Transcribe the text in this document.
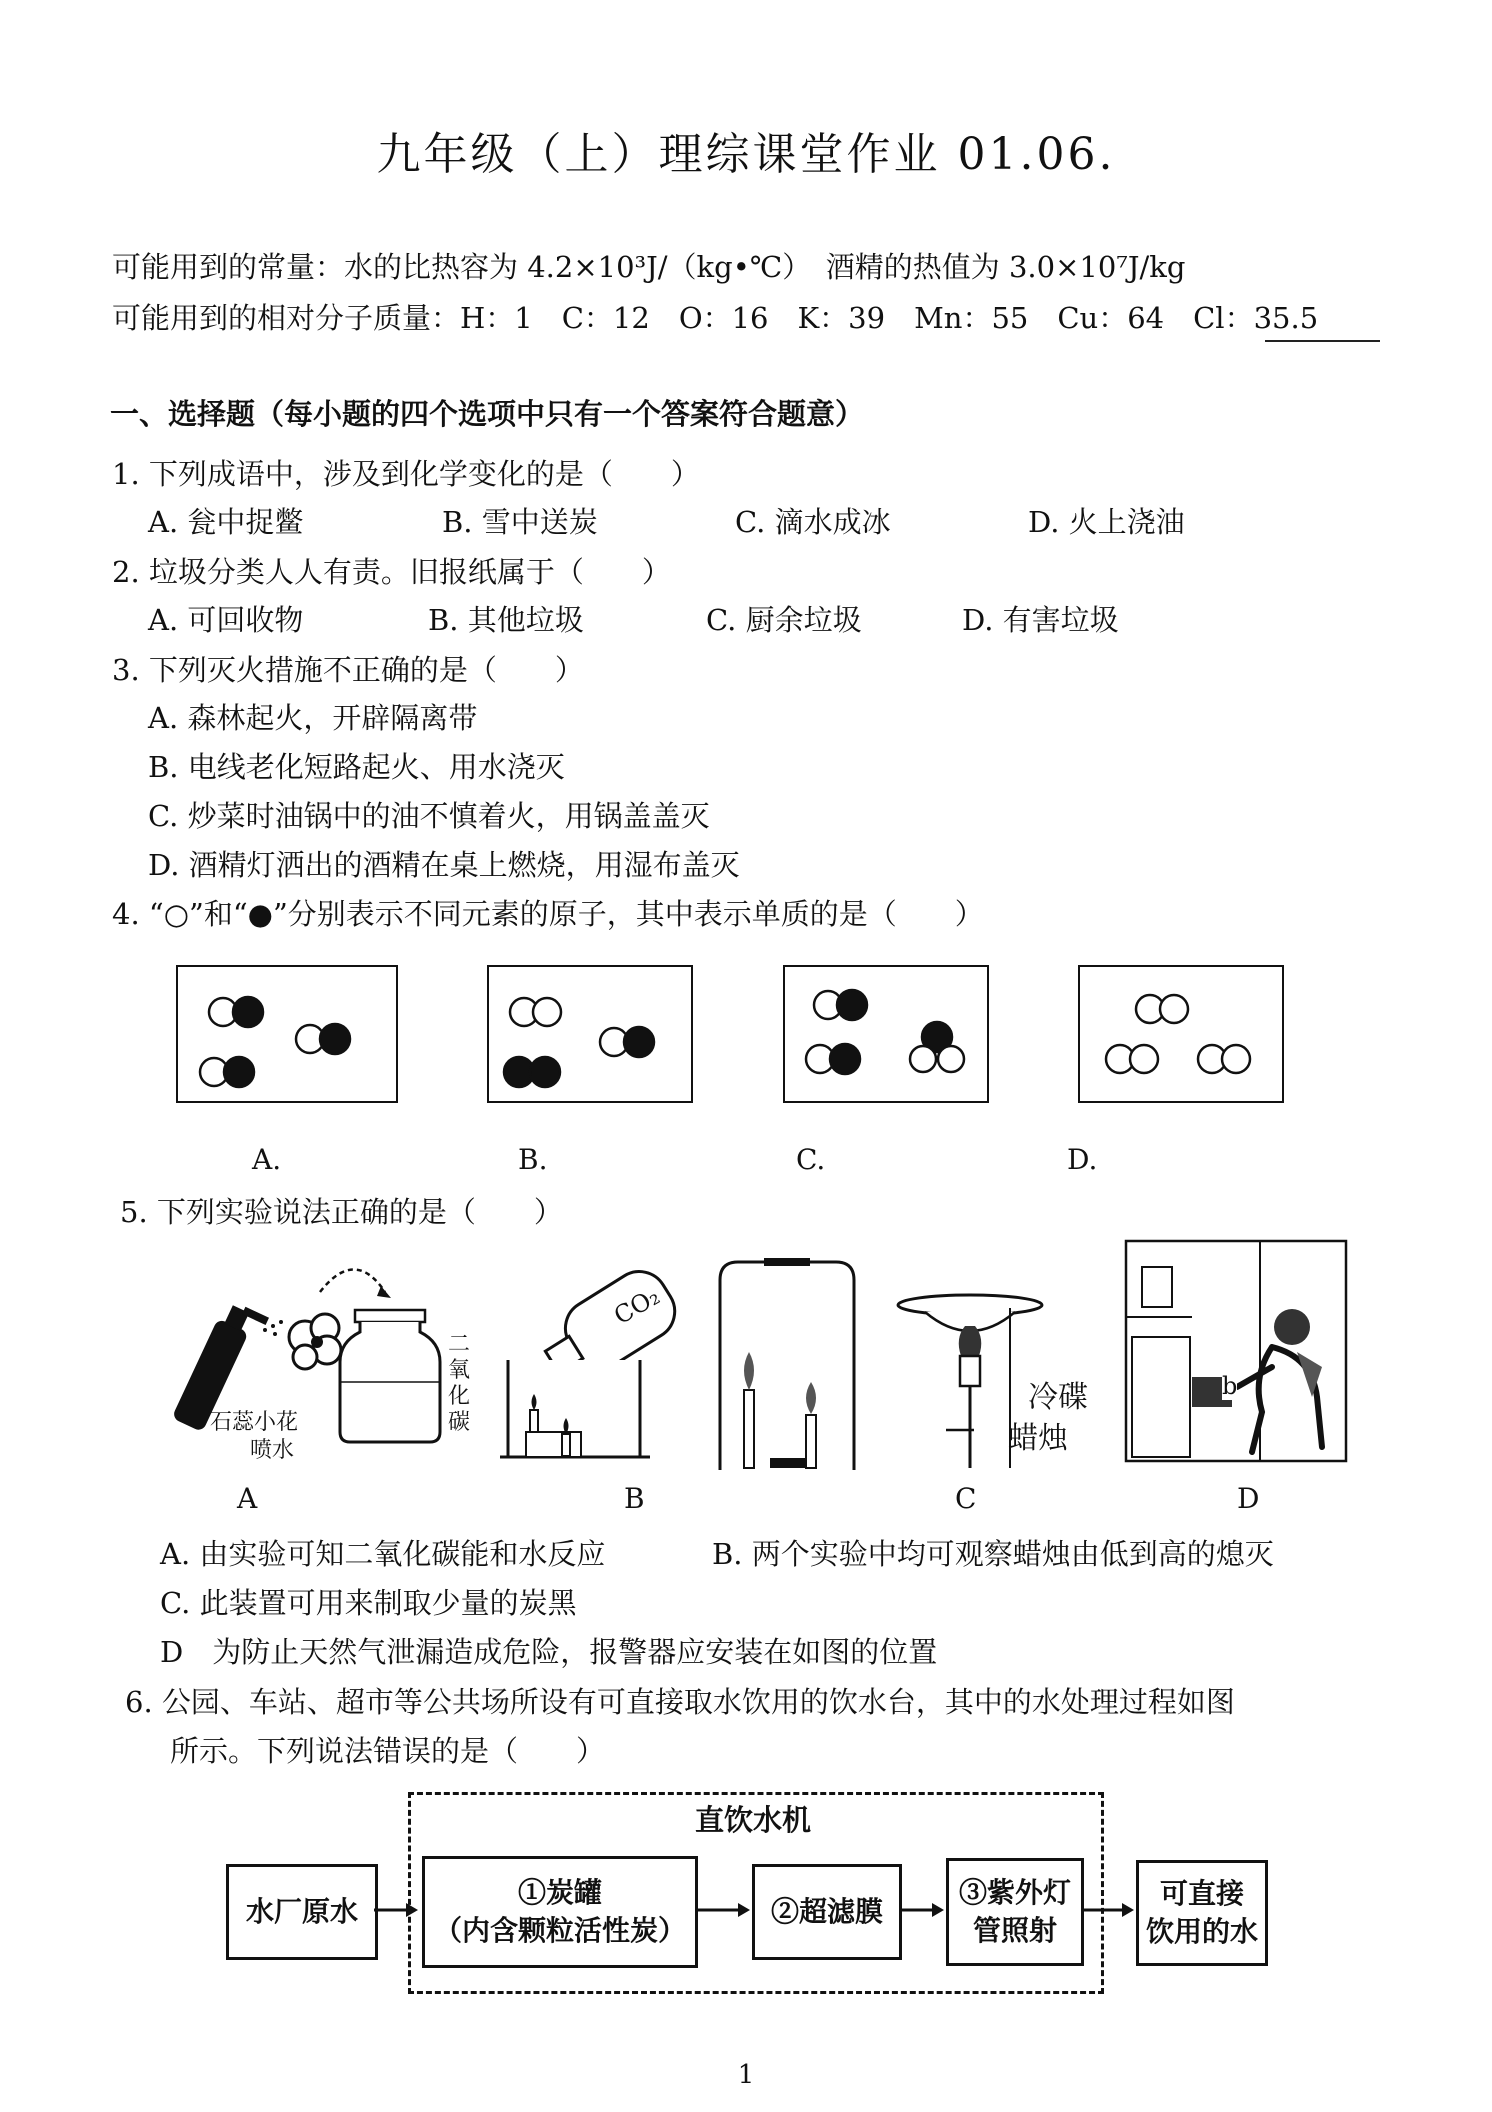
九年级（上）理综课堂作业 01.06.
可能用到的常量：水的比热容为 4.2×10³J/（kg•℃）　酒精的热值为 3.0×10⁷J/kg
可能用到的相对分子质量：H：1　C：12　O：16　K：39　Mn：55　Cu：64　Cl：35.5
一、选择题（每小题的四个选项中只有一个答案符合题意）
1. 下列成语中，涉及到化学变化的是（　　）
A. 瓮中捉鳖	B. 雪中送炭	C. 滴水成冰	D. 火上浇油
2. 垃圾分类人人有责。旧报纸属于（　　）
A. 可回收物	B. 其他垃圾	C. 厨余垃圾	D. 有害垃圾
3. 下列灭火措施不正确的是（　　）
A. 森林起火，开辟隔离带
B. 电线老化短路起火、用水浇灭
C. 炒菜时油锅中的油不慎着火，用锅盖盖灭
D. 酒精灯洒出的酒精在桌上燃烧，用湿布盖灭
4. “○”和“●”分别表示不同元素的原子，其中表示单质的是（　　）
A.	B.	C.	D.
5. 下列实验说法正确的是（　　）
石蕊小花
喷水
二氧化碳
CO₂
冷碟
蜡烛
b
A	B	C	D
A. 由实验可知二氧化碳能和水反应	B. 两个实验中均可观察蜡烛由低到高的熄灭
C. 此装置可用来制取少量的炭黑
D　为防止天然气泄漏造成危险，报警器应安装在如图的位置
6. 公园、车站、超市等公共场所设有可直接取水饮用的饮水台，其中的水处理过程如图
所示。下列说法错误的是（　　）
直饮水机
水厂原水
①炭罐
（内含颗粒活性炭）
②超滤膜
③紫外灯
管照射
可直接
饮用的水
1
